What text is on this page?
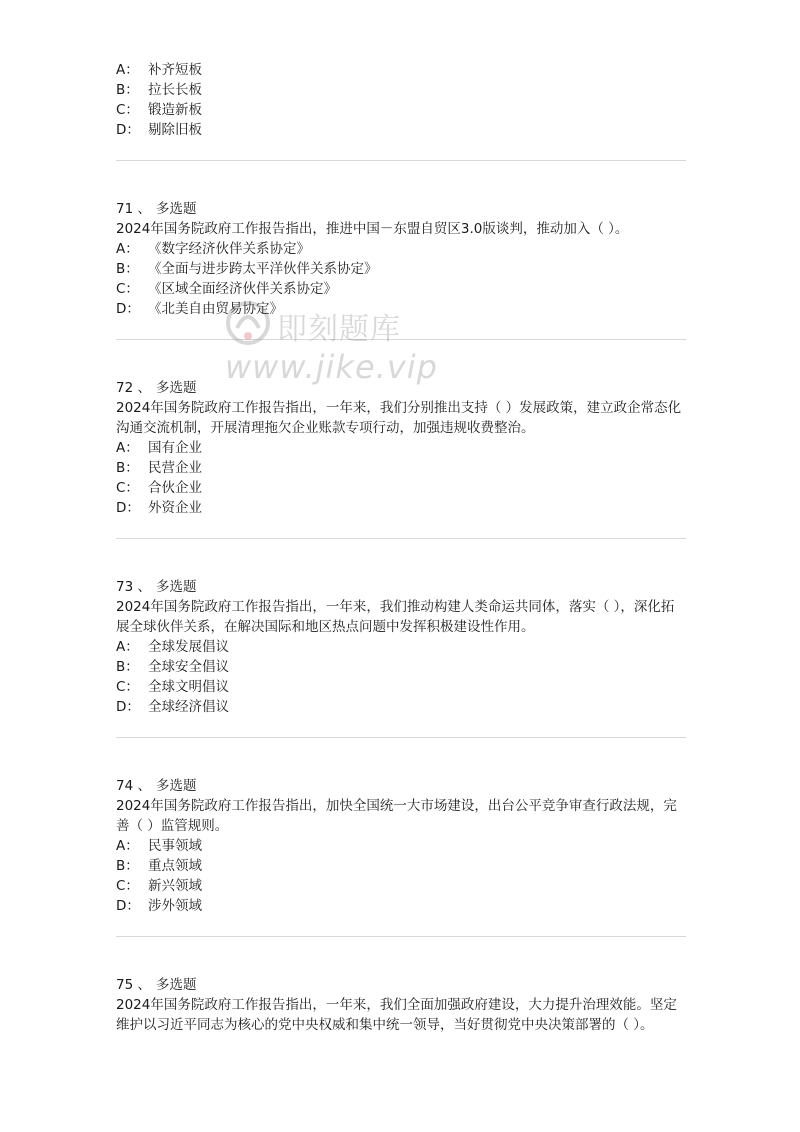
A： 补齐短板
B： 拉长长板
C： 锻造新板
D： 剔除旧板
71 、 多选题
2024年国务院政府工作报告指出，推进中国－东盟自贸区3.0版谈判，推动加入（ ）。
A： 《数字经济伙伴关系协定》
B： 《全面与进步跨太平洋伙伴关系协定》
C： 《区域全面经济伙伴关系协定》
D： 《北美自由贸易协定》
72 、 多选题
2024年国务院政府工作报告指出，一年来，我们分别推出支持（ ）发展政策，建立政企常态化沟通交流机制，开展清理拖欠企业账款专项行动，加强违规收费整治。
A： 国有企业
B： 民营企业
C： 合伙企业
D： 外资企业
73 、 多选题
2024年国务院政府工作报告指出，一年来，我们推动构建人类命运共同体，落实（ ），深化拓展全球伙伴关系，在解决国际和地区热点问题中发挥积极建设性作用。
A： 全球发展倡议
B： 全球安全倡议
C： 全球文明倡议
D： 全球经济倡议
74 、 多选题
2024年国务院政府工作报告指出，加快全国统一大市场建设，出台公平竞争审查行政法规，完善（ ）监管规则。
A： 民事领域
B： 重点领域
C： 新兴领域
D： 涉外领域
75 、 多选题
2024年国务院政府工作报告指出，一年来，我们全面加强政府建设，大力提升治理效能。坚定维护以习近平同志为核心的党中央权威和集中统一领导，当好贯彻党中央决策部署的（ ）。
即刻题库
www.jike.vip
